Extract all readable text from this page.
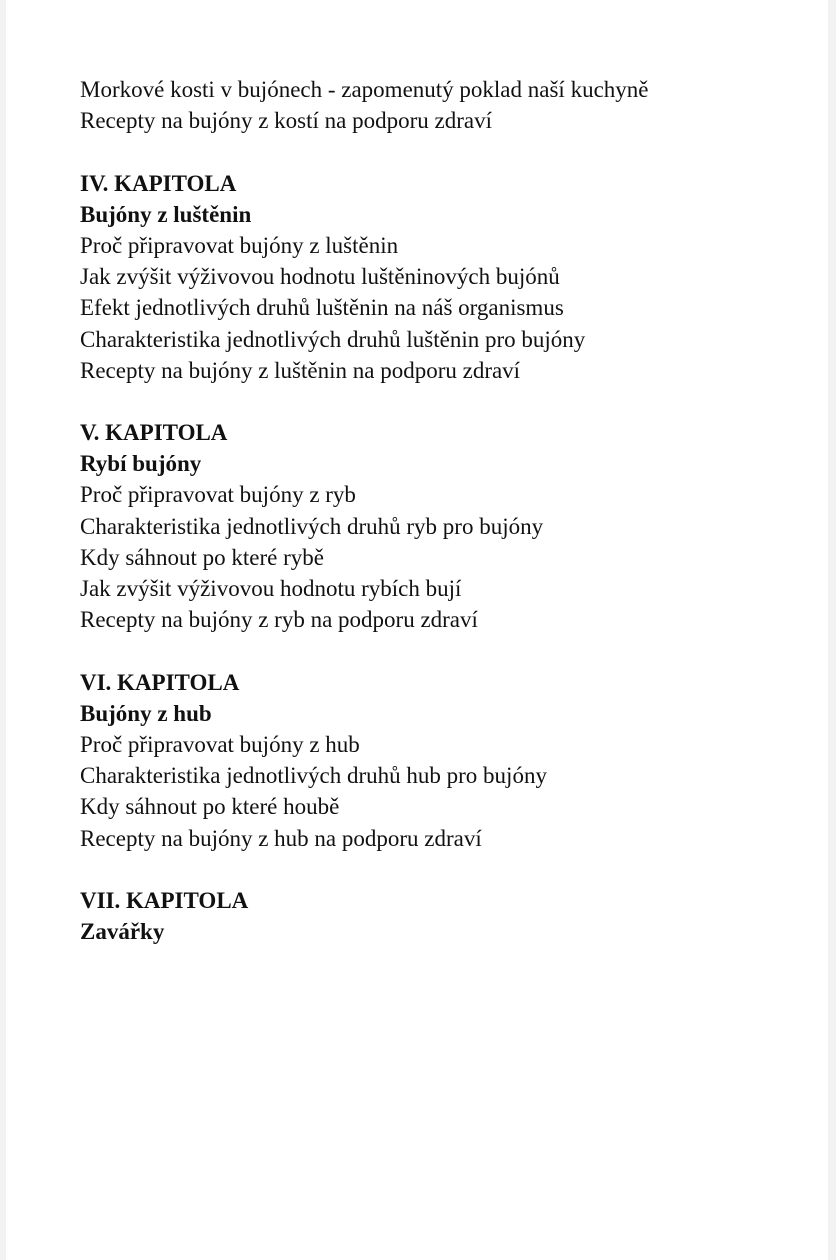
Morkové kosti v bujónech - zapomenutý poklad naší kuchyně
Recepty na bujóny z kostí na podporu zdraví
IV. KAPITOLA
Bujóny z luštěnin
Proč připravovat bujóny z luštěnin
Jak zvýšit výživovou hodnotu luštěninových bujónů
Efekt jednotlivých druhů luštěnin na náš organismus
Charakteristika jednotlivých druhů luštěnin pro bujóny
Recepty na bujóny z luštěnin na podporu zdraví
V. KAPITOLA
Rybí bujóny
Proč připravovat bujóny z ryb
Charakteristika jednotlivých druhů ryb pro bujóny
Kdy sáhnout po které rybě
Jak zvýšit výživovou hodnotu rybích bují
Recepty na bujóny z ryb na podporu zdraví
VI. KAPITOLA
Bujóny z hub
Proč připravovat bujóny z hub
Charakteristika jednotlivých druhů hub pro bujóny
Kdy sáhnout po které houbě
Recepty na bujóny z hub na podporu zdraví
VII. KAPITOLA
Zavářky
